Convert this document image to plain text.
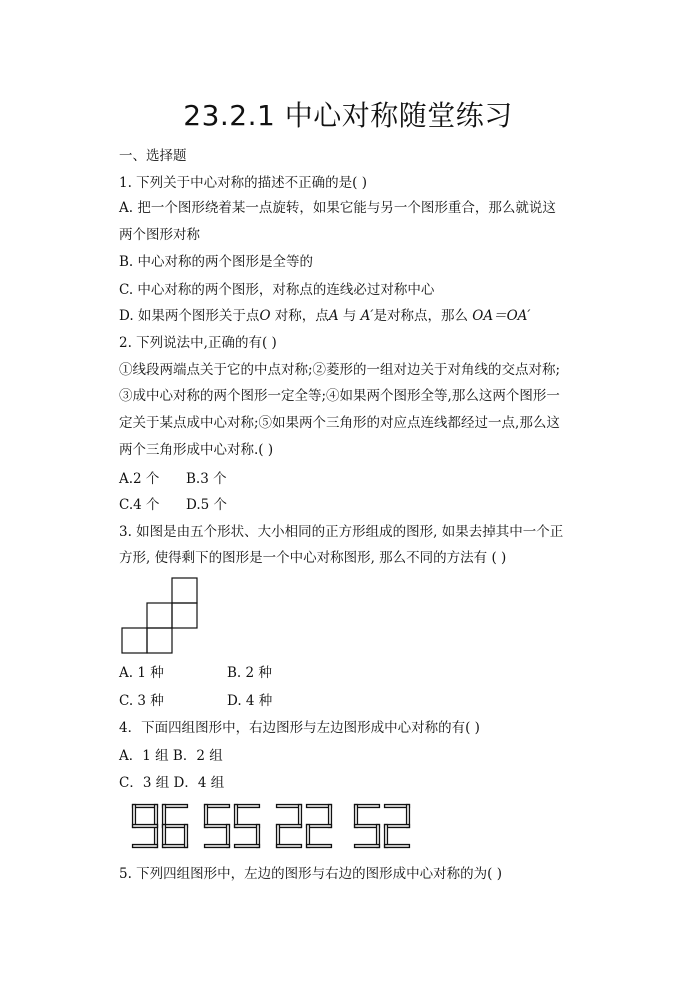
23.2.1 中心对称随堂练习
一、选择题
1. 下列关于中心对称的描述不正确的是( )
A. 把一个图形绕着某一点旋转，如果它能与另一个图形重合，那么就说这
两个图形对称
B. 中心对称的两个图形是全等的
C. 中心对称的两个图形，对称点的连线必过对称中心
D. 如果两个图形关于点O 对称，点A 与 A′是对称点，那么 OA＝OA′
2. 下列说法中,正确的有( )
①线段两端点关于它的中点对称;②菱形的一组对边关于对角线的交点对称;
③成中心对称的两个图形一定全等;④如果两个图形全等,那么这两个图形一
定关于某点成中心对称;⑤如果两个三角形的对应点连线都经过一点,那么这
两个三角形成中心对称.( )
A.2 个 B.3 个
C.4 个 D.5 个
3. 如图是由五个形状、大小相同的正方形组成的图形, 如果去掉其中一个正
方形, 使得剩下的图形是一个中心对称图形, 那么不同的方法有 ( )
A. 1 种	B. 2 种
C. 3 种	D. 4 种
4．下面四组图形中，右边图形与左边图形成中心对称的有( )
A．1 组 B．2 组
C．3 组 D．4 组
5. 下列四组图形中，左边的图形与右边的图形成中心对称的为( )
